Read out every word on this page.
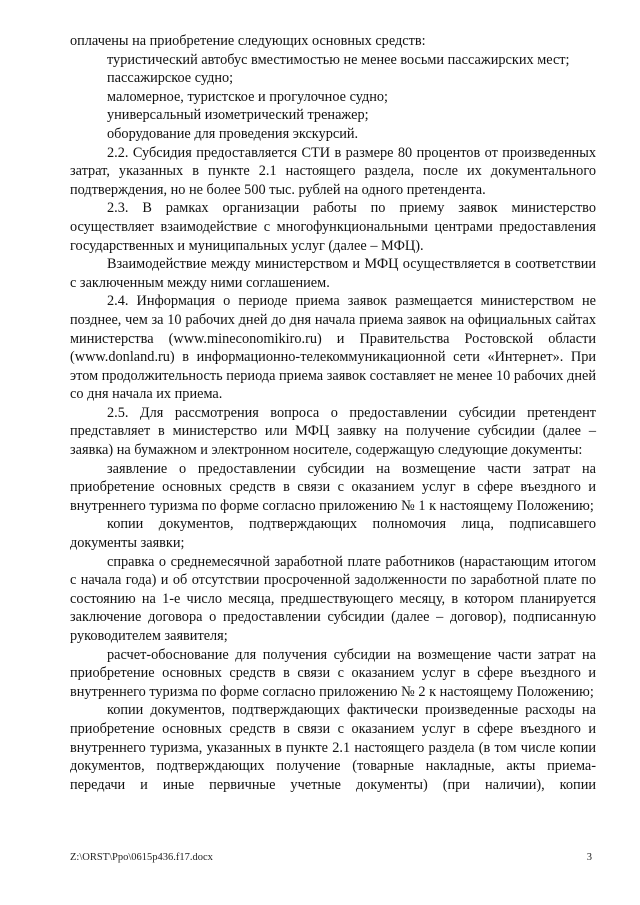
оплачены на приобретение следующих основных средств:

туристический автобус вместимостью не менее восьми пассажирских мест;

пассажирское судно;

маломерное, туристское и прогулочное судно;

универсальный изометрический тренажер;

оборудование для проведения экскурсий.

2.2. Субсидия предоставляется СТИ в размере 80 процентов от произведенных затрат, указанных в пункте 2.1 настоящего раздела, после их документального подтверждения, но не более 500 тыс. рублей на одного претендента.

2.3. В рамках организации работы по приему заявок министерство осуществляет взаимодействие с многофункциональными центрами предоставления государственных и муниципальных услуг (далее – МФЦ).

Взаимодействие между министерством и МФЦ осуществляется в соответствии с заключенным между ними соглашением.

2.4. Информация о периоде приема заявок размещается министерством не позднее, чем за 10 рабочих дней до дня начала приема заявок на официальных сайтах министерства (www.mineconomikiro.ru) и Правительства Ростовской области (www.donland.ru) в информационно-телекоммуникационной сети «Интернет». При этом продолжительность периода приема заявок составляет не менее 10 рабочих дней со дня начала их приема.

2.5. Для рассмотрения вопроса о предоставлении субсидии претендент представляет в министерство или МФЦ заявку на получение субсидии (далее – заявка) на бумажном и электронном носителе, содержащую следующие документы:

заявление о предоставлении субсидии на возмещение части затрат на приобретение основных средств в связи с оказанием услуг в сфере въездного и внутреннего туризма по форме согласно приложению № 1 к настоящему Положению;

копии документов, подтверждающих полномочия лица, подписавшего документы заявки;

справка о среднемесячной заработной плате работников (нарастающим итогом с начала года) и об отсутствии просроченной задолженности по заработной плате по состоянию на 1-е число месяца, предшествующего месяцу, в котором планируется заключение договора о предоставлении субсидии (далее – договор), подписанную руководителем заявителя;

расчет-обоснование для получения субсидии на возмещение части затрат на приобретение основных средств в связи с оказанием услуг в сфере въездного и внутреннего туризма по форме согласно приложению № 2 к настоящему Положению;

копии документов, подтверждающих фактически произведенные расходы на приобретение основных средств в связи с оказанием услуг в сфере въездного и внутреннего туризма, указанных в пункте 2.1 настоящего раздела (в том числе копии документов, подтверждающих получение (товарные накладные, акты приема-передачи и иные первичные учетные документы) (при наличии), копии

Z:\ORST\Ppo\0615p436.f17.docx	3
